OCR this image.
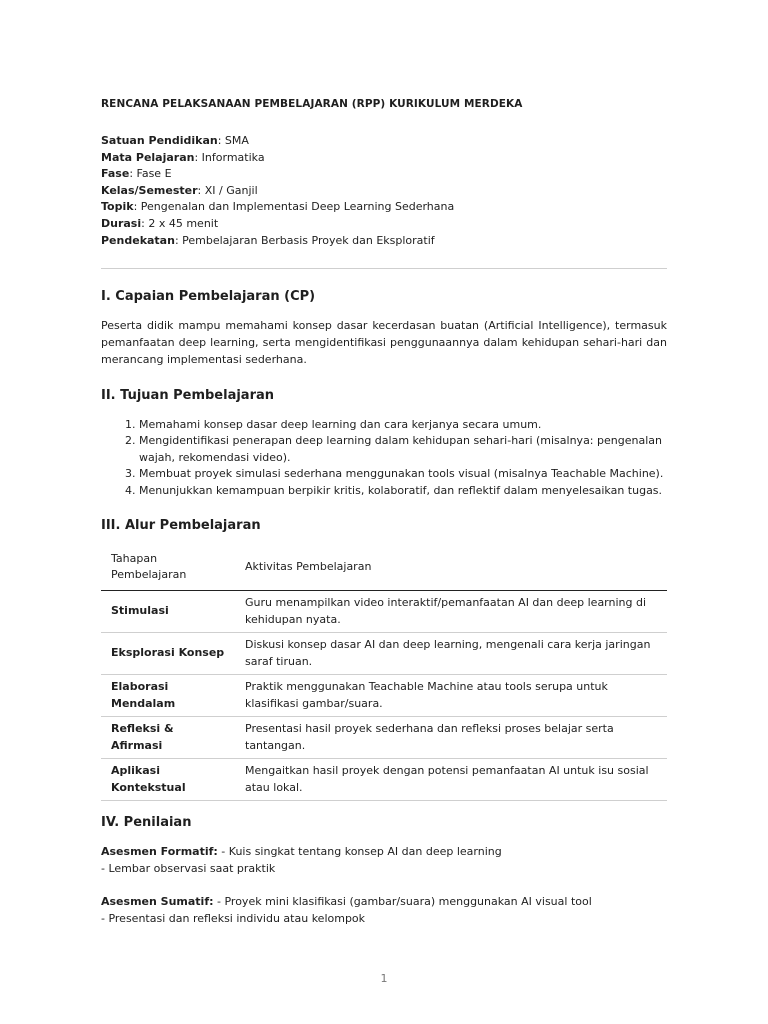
RENCANA PELAKSANAAN PEMBELAJARAN (RPP) KURIKULUM MERDEKA

Satuan Pendidikan: SMA

Mata Pelajaran: Informatika

Fase: Fase E

Kelas/Semester: XI / Ganjil

Topik: Pengenalan dan Implementasi Deep Learning Sederhana

Durasi: 2 x 45 menit

Pendekatan: Pembelajaran Berbasis Proyek dan Eksploratif

I. Capaian Pembelajaran (CP)

Peserta didik mampu memahami konsep dasar kecerdasan buatan (Artificial Intelligence), termasuk pemanfaatan deep learning, serta mengidentifikasi penggunaannya dalam kehidupan sehari-hari dan merancang implementasi sederhana.

II. Tujuan Pembelajaran
1. Memahami konsep dasar deep learning dan cara kerjanya secara umum.
2. Mengidentifikasi penerapan deep learning dalam kehidupan sehari-hari (misalnya: pengenalan wajah, rekomendasi video).
3. Membuat proyek simulasi sederhana menggunakan tools visual (misalnya Teachable Machine).
4. Menunjukkan kemampuan berpikir kritis, kolaboratif, dan reflektif dalam menyelesaikan tugas.
III. Alur Pembelajaran
Tahapan Pembelajaran	Aktivitas Pembelajaran
Stimulasi	Guru menampilkan video interaktif/pemanfaatan AI dan deep learning di kehidupan nyata.
Eksplorasi Konsep	Diskusi konsep dasar AI dan deep learning, mengenali cara kerja jaringan saraf tiruan.
Elaborasi Mendalam	Praktik menggunakan Teachable Machine atau tools serupa untuk klasifikasi gambar/suara.
Refleksi & Afirmasi	Presentasi hasil proyek sederhana dan refleksi proses belajar serta tantangan.
Aplikasi Kontekstual	Mengaitkan hasil proyek dengan potensi pemanfaatan AI untuk isu sosial atau lokal.
IV. Penilaian

Asesmen Formatif: - Kuis singkat tentang konsep AI dan deep learning
- Lembar observasi saat praktik

Asesmen Sumatif: - Proyek mini klasifikasi (gambar/suara) menggunakan AI visual tool
- Presentasi dan refleksi individu atau kelompok

1
